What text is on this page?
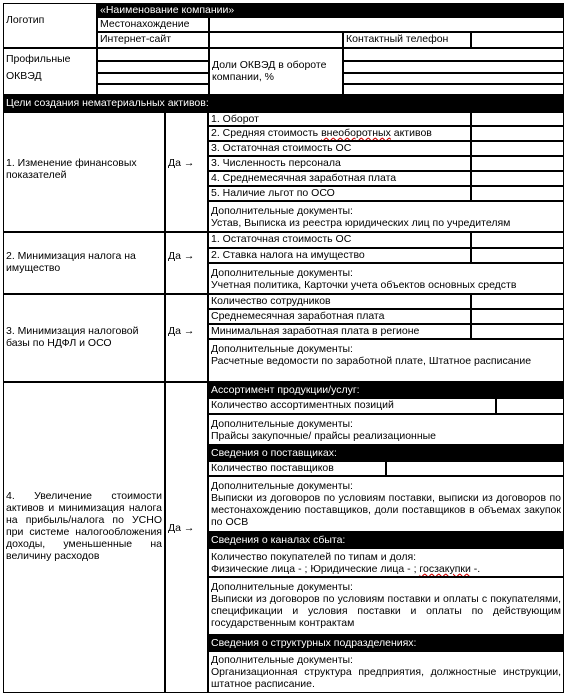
Логотип
«Наименование компании»
Местонахождение
Интернет-сайт	Контактный телефон
Профильные ОКВЭД
Доли ОКВЭД в обороте компании, %
Цели создания нематериальных активов:
1. Изменение финансовых показателей
Да →
1. Оборот
2. Средняя стоимость внеоборотных активов
3. Остаточная стоимость ОС
3. Численность персонала
4. Среднемесячная заработная плата
5. Наличие льгот по ОСО
Дополнительные документы:
Устав, Выписка из реестра юридических лиц по учредителям
2. Минимизация налога на имущество
Да →
1. Остаточная стоимость ОС
2. Ставка налога на имущество
Дополнительные документы:
Учетная политика, Карточки учета объектов основных средств
3. Минимизация налоговой базы по НДФЛ и ОСО
Да →
Количество сотрудников
Среднемесячная заработная плата
Минимальная заработная плата в регионе
Дополнительные документы:
Расчетные ведомости по заработной плате, Штатное расписание
4. Увеличение стоимости активов и минимизация налога на прибыль/налога по УСНО при системе налогообложения доходы, уменьшенные на величину расходов
Да →
Ассортимент продукции/услуг:
Количество ассортиментных позиций
Дополнительные документы:
Прайсы закупочные/ прайсы реализационные
Сведения о поставщиках:
Количество поставщиков
Дополнительные документы:
Выписки из договоров по условиям поставки, выписки из договоров по местонахождению поставщиков, доли поставщиков в объемах закупок по ОСВ
Сведения о каналах сбыта:
Количество покупателей по типам и доля:
Физические лица - ; Юридические лица - ; госзакупки -.
Дополнительные документы:
Выписки из договоров по условиям поставки и оплаты с покупателями, спецификации и условия поставки и оплаты по действующим государственным контрактам
Сведения о структурных подразделениях:
Дополнительные документы:
Организационная структура предприятия, должностные инструкции, штатное расписание.
